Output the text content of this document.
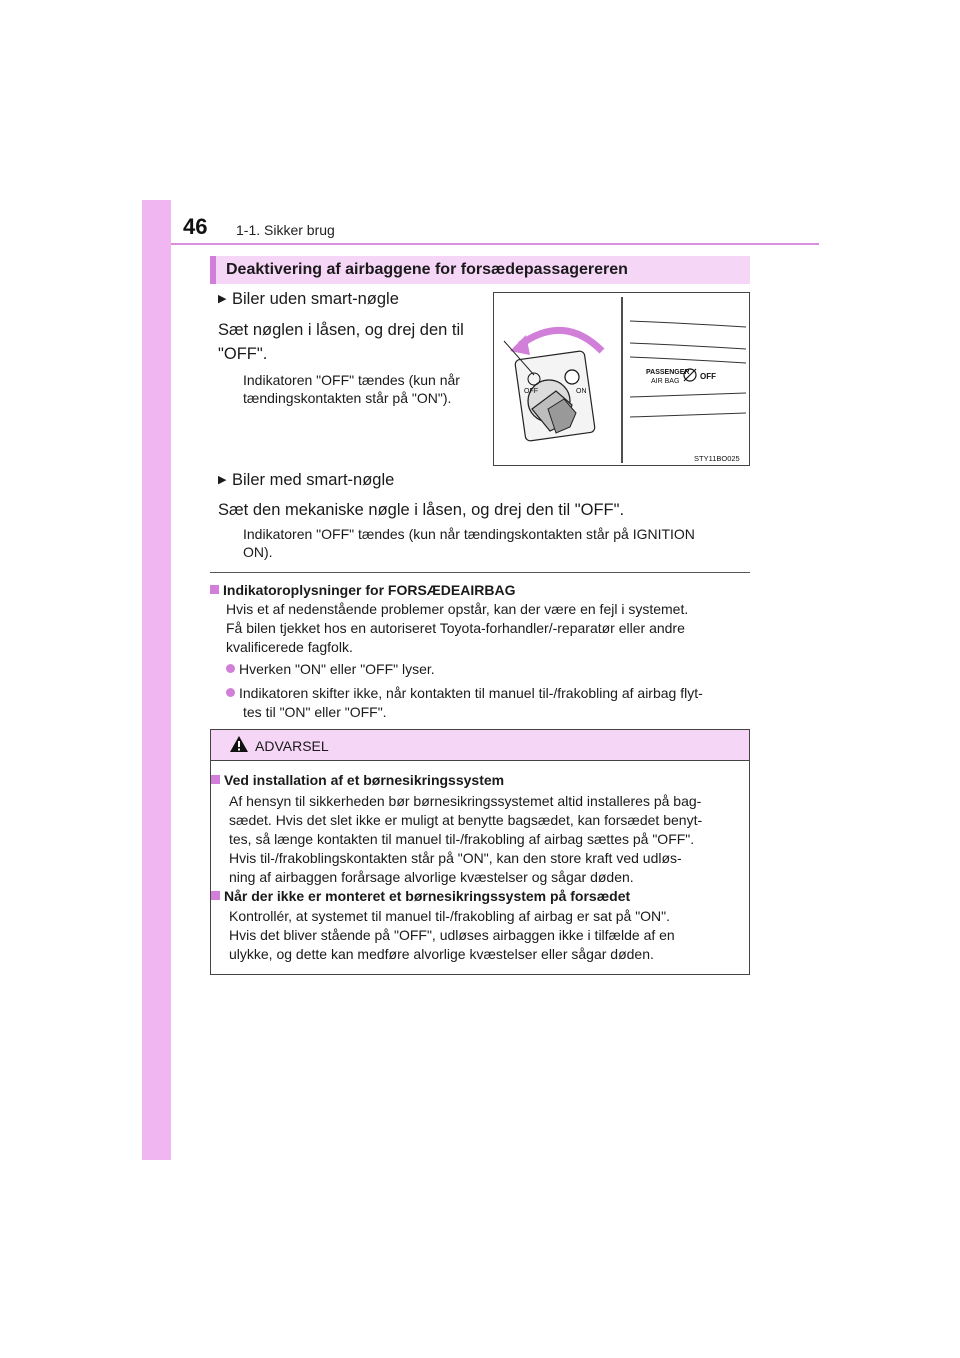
46 1-1. Sikker brug
Deaktivering af airbaggene for forsædepassagereren
▶ Biler uden smart-nøgle
Sæt nøglen i låsen, og drej den til
"OFF".
Indikatoren "OFF" tændes (kun når
tændingskontakten står på "ON").
PASSENGER
AIR BAG
OFF
ON
OFF
STY11BO025
▶ Biler med smart-nøgle
Sæt den mekaniske nøgle i låsen, og drej den til "OFF".
Indikatoren "OFF" tændes (kun når tændingskontakten står på IGNITION
ON).
Indikatoroplysninger for FORSÆDEAIRBAG
Hvis et af nedenstående problemer opstår, kan der være en fejl i systemet.
Få bilen tjekket hos en autoriseret Toyota-forhandler/-reparatør eller andre
kvalificerede fagfolk.
Hverken "ON" eller "OFF" lyser.
Indikatoren skifter ikke, når kontakten til manuel til-/frakobling af airbag flyt-
tes til "ON" eller "OFF".
ADVARSEL
Ved installation af et børnesikringssystem
Af hensyn til sikkerheden bør børnesikringssystemet altid installeres på bag-
sædet. Hvis det slet ikke er muligt at benytte bagsædet, kan forsædet benyt-
tes, så længe kontakten til manuel til-/frakobling af airbag sættes på "OFF".
Hvis til-/frakoblingskontakten står på "ON", kan den store kraft ved udløs-
ning af airbaggen forårsage alvorlige kvæstelser og sågar døden.
Når der ikke er monteret et børnesikringssystem på forsædet
Kontrollér, at systemet til manuel til-/frakobling af airbag er sat på "ON".
Hvis det bliver stående på "OFF", udløses airbaggen ikke i tilfælde af en
ulykke, og dette kan medføre alvorlige kvæstelser eller sågar døden.
